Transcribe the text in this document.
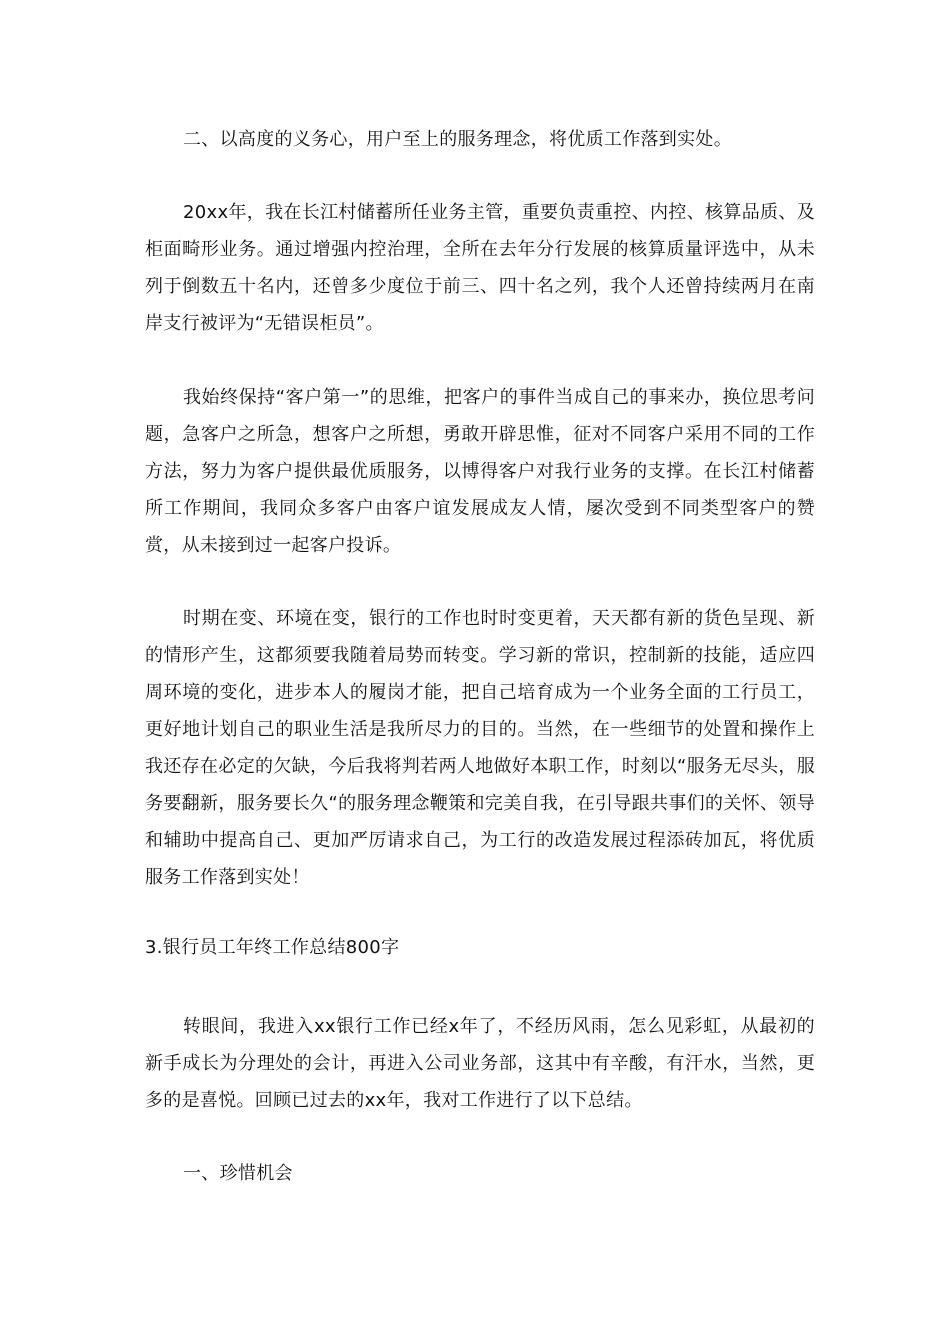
二、以高度的义务心，用户至上的服务理念，将优质工作落到实处。

20xx年，我在长江村储蓄所任业务主管，重要负责重控、内控、核算品质、及柜面畸形业务。通过增强内控治理，全所在去年分行发展的核算质量评选中，从未列于倒数五十名内，还曾多少度位于前三、四十名之列，我个人还曾持续两月在南岸支行被评为“无错误柜员”。

我始终保持“客户第一”的思维，把客户的事件当成自己的事来办，换位思考问题，急客户之所急，想客户之所想，勇敢开辟思惟，征对不同客户采用不同的工作方法，努力为客户提供最优质服务，以博得客户对我行业务的支撑。在长江村储蓄所工作期间，我同众多客户由客户谊发展成友人情，屡次受到不同类型客户的赞赏，从未接到过一起客户投诉。

时期在变、环境在变，银行的工作也时时变更着，天天都有新的货色呈现、新的情形产生，这都须要我随着局势而转变。学习新的常识，控制新的技能，适应四周环境的变化，进步本人的履岗才能，把自己培育成为一个业务全面的工行员工，更好地计划自己的职业生活是我所尽力的目的。当然，在一些细节的处置和操作上我还存在必定的欠缺，今后我将判若两人地做好本职工作，时刻以“服务无尽头，服务要翻新，服务要长久“的服务理念鞭策和完美自我，在引导跟共事们的关怀、领导和辅助中提高自己、更加严厉请求自己，为工行的改造发展过程添砖加瓦，将优质服务工作落到实处！

3.银行员工年终工作总结800字

转眼间，我进入xx银行工作已经x年了，不经历风雨，怎么见彩虹，从最初的新手成长为分理处的会计，再进入公司业务部，这其中有辛酸，有汗水，当然，更多的是喜悦。回顾已过去的xx年，我对工作进行了以下总结。

一、珍惜机会
